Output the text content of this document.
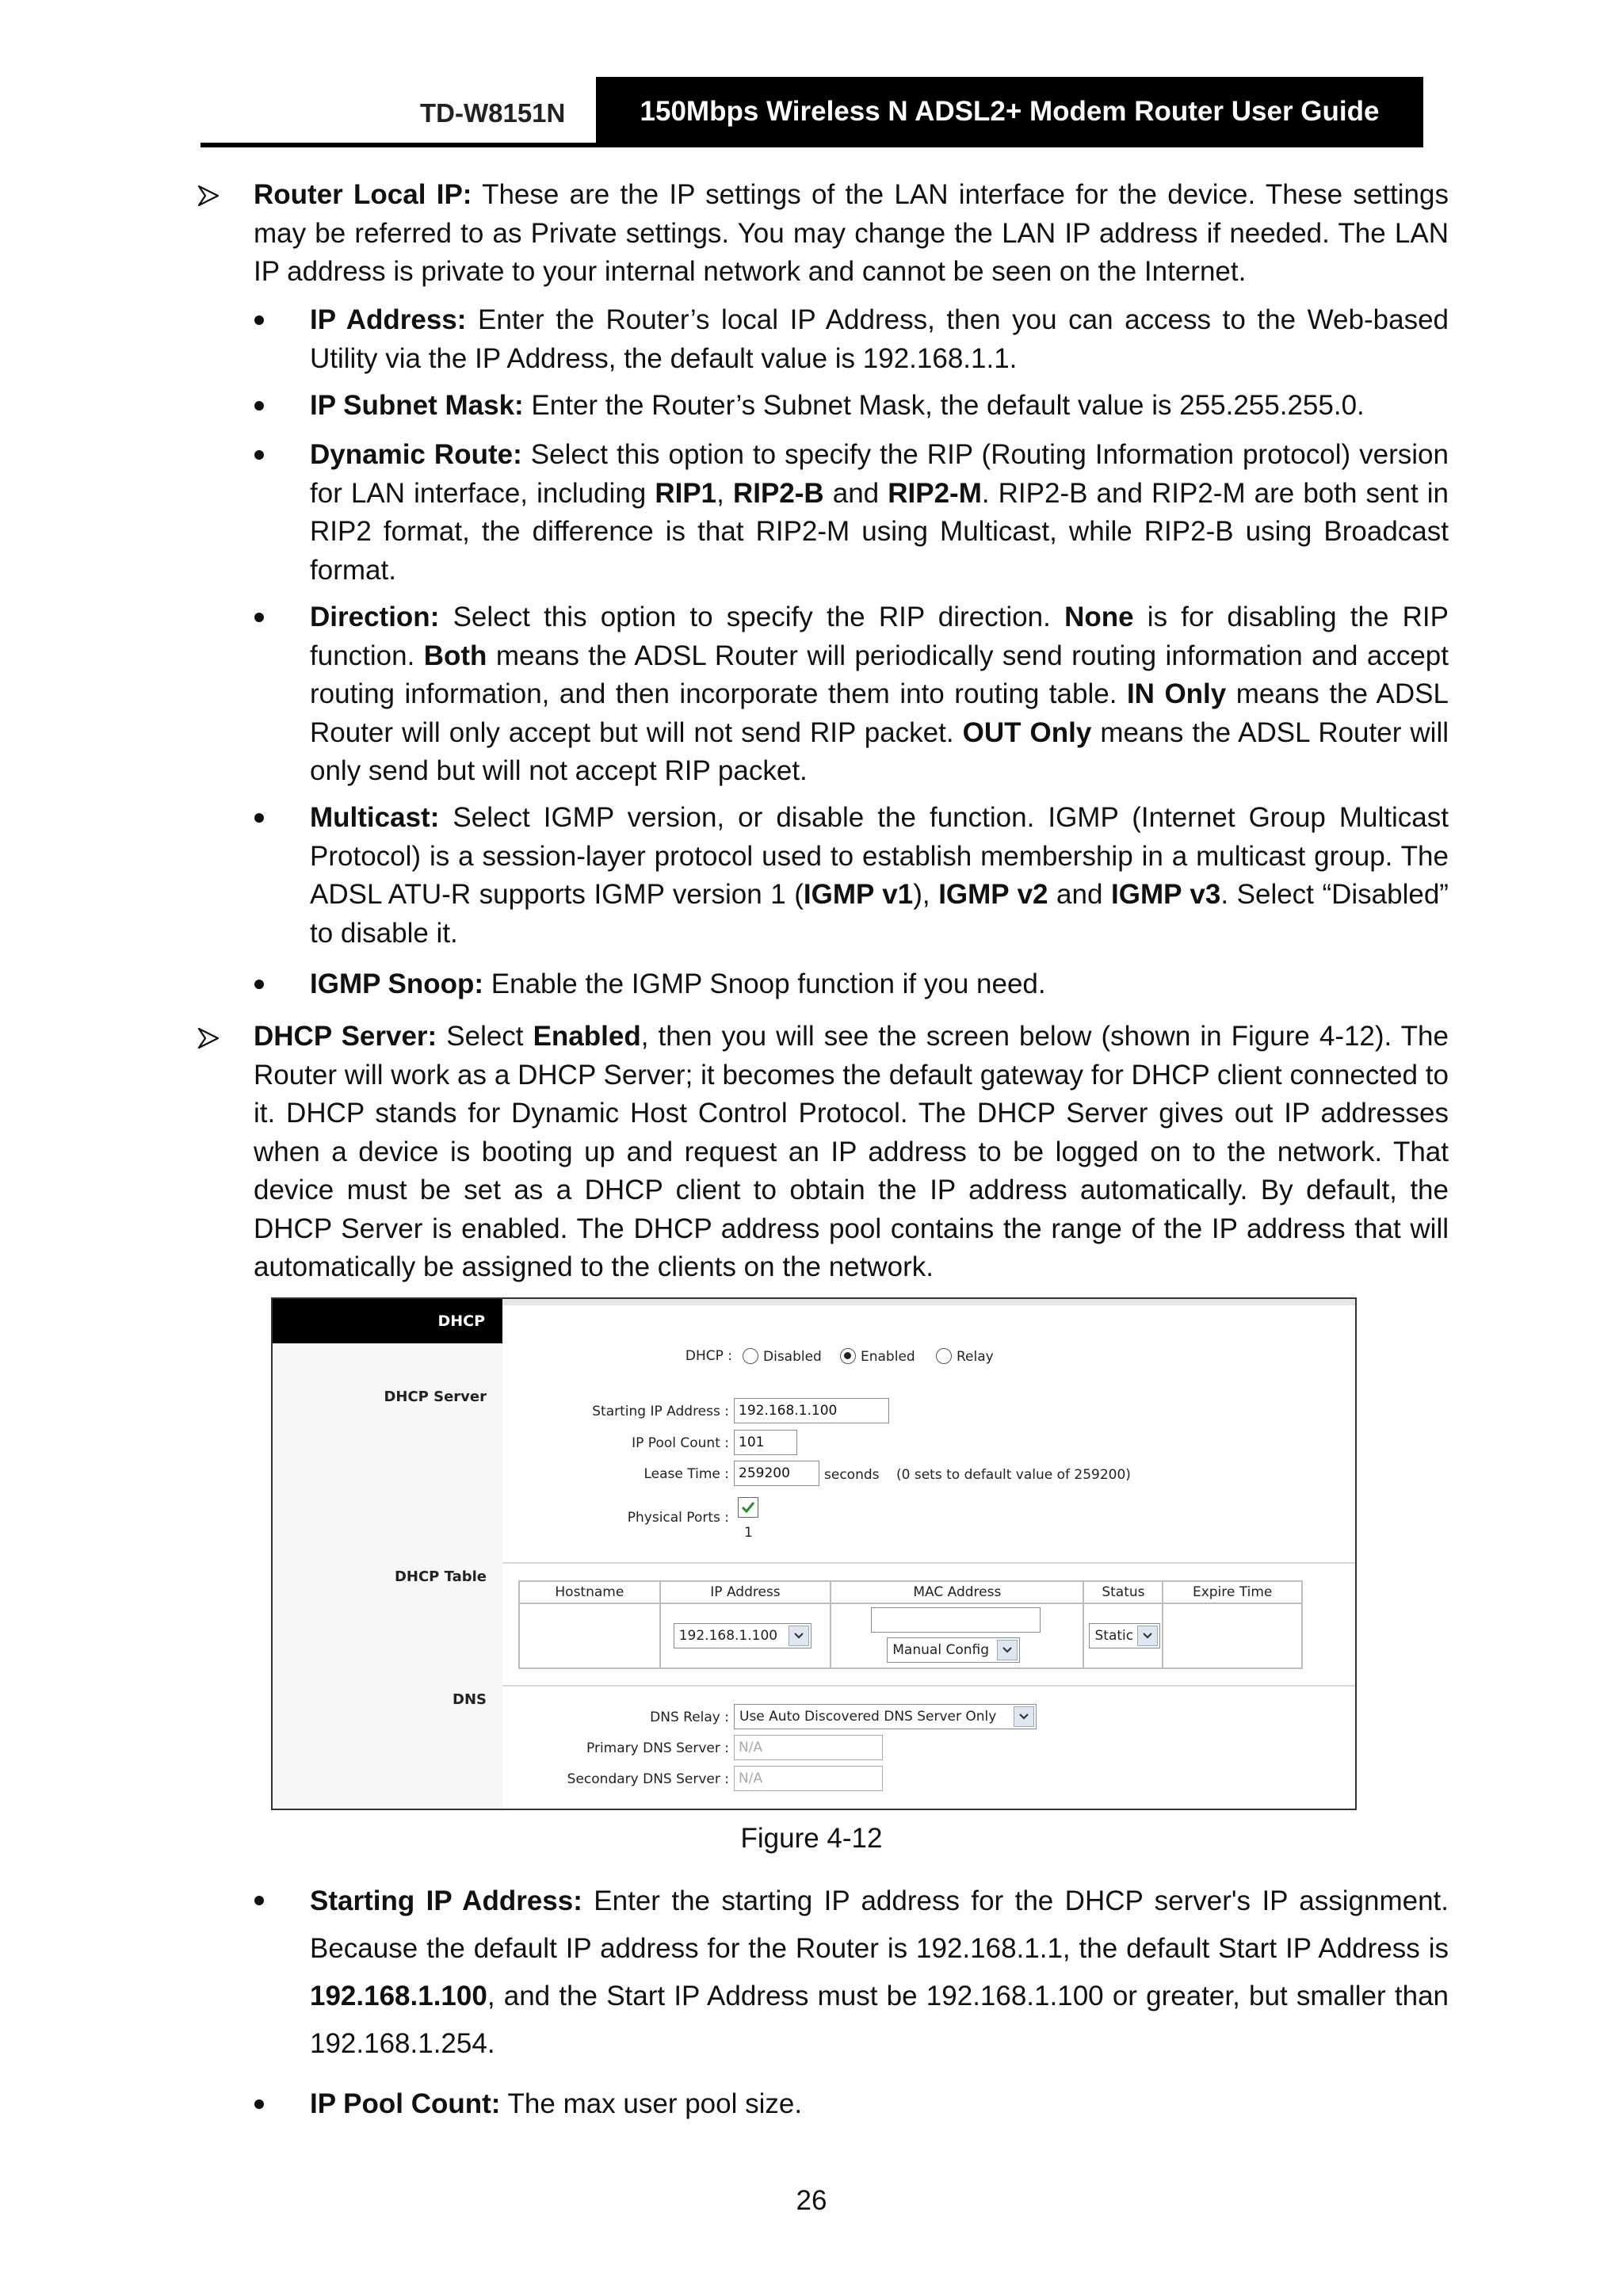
TD-W8151N	150Mbps Wireless N ADSL2+ Modem Router User Guide
Router Local IP: These are the IP settings of the LAN interface for the device. These settings may be referred to as Private settings. You may change the LAN IP address if needed. The LAN IP address is private to your internal network and cannot be seen on the Internet.
IP Address: Enter the Router’s local IP Address, then you can access to the Web-based Utility via the IP Address, the default value is 192.168.1.1.
IP Subnet Mask: Enter the Router’s Subnet Mask, the default value is 255.255.255.0.
Dynamic Route: Select this option to specify the RIP (Routing Information protocol) version for LAN interface, including RIP1, RIP2-B and RIP2-M. RIP2-B and RIP2-M are both sent in RIP2 format, the difference is that RIP2-M using Multicast, while RIP2-B using Broadcast format.
Direction: Select this option to specify the RIP direction. None is for disabling the RIP function. Both means the ADSL Router will periodically send routing information and accept routing information, and then incorporate them into routing table. IN Only means the ADSL Router will only accept but will not send RIP packet. OUT Only means the ADSL Router will only send but will not accept RIP packet.
Multicast: Select IGMP version, or disable the function. IGMP (Internet Group Multicast Protocol) is a session-layer protocol used to establish membership in a multicast group. The ADSL ATU-R supports IGMP version 1 (IGMP v1), IGMP v2 and IGMP v3. Select “Disabled” to disable it.
IGMP Snoop: Enable the IGMP Snoop function if you need.
DHCP Server: Select Enabled, then you will see the screen below (shown in Figure 4-12). The Router will work as a DHCP Server; it becomes the default gateway for DHCP client connected to it. DHCP stands for Dynamic Host Control Protocol. The DHCP Server gives out IP addresses when a device is booting up and request an IP address to be logged on to the network. That device must be set as a DHCP client to obtain the IP address automatically. By default, the DHCP Server is enabled. The DHCP address pool contains the range of the IP address that will automatically be assigned to the clients on the network.
DHCP
DHCP Server
DHCP Table
DNS
DHCP : Disabled	Enabled	Relay
Starting IP Address : 192.168.1.100
IP Pool Count : 101
Lease Time : 259200	seconds (0 sets to default value of 259200)
Physical Ports :
1
Hostname	IP Address	MAC Address	Status	Expire Time

	192.168.1.100	Manual Config	Static	

DNS Relay : Use Auto Discovered DNS Server Only
Primary DNS Server : N/A
Secondary DNS Server : N/A
Figure 4-12
Starting IP Address: Enter the starting IP address for the DHCP server's IP assignment. Because the default IP address for the Router is 192.168.1.1, the default Start IP Address is 192.168.1.100, and the Start IP Address must be 192.168.1.100 or greater, but smaller than 192.168.1.254.
IP Pool Count: The max user pool size.
26
